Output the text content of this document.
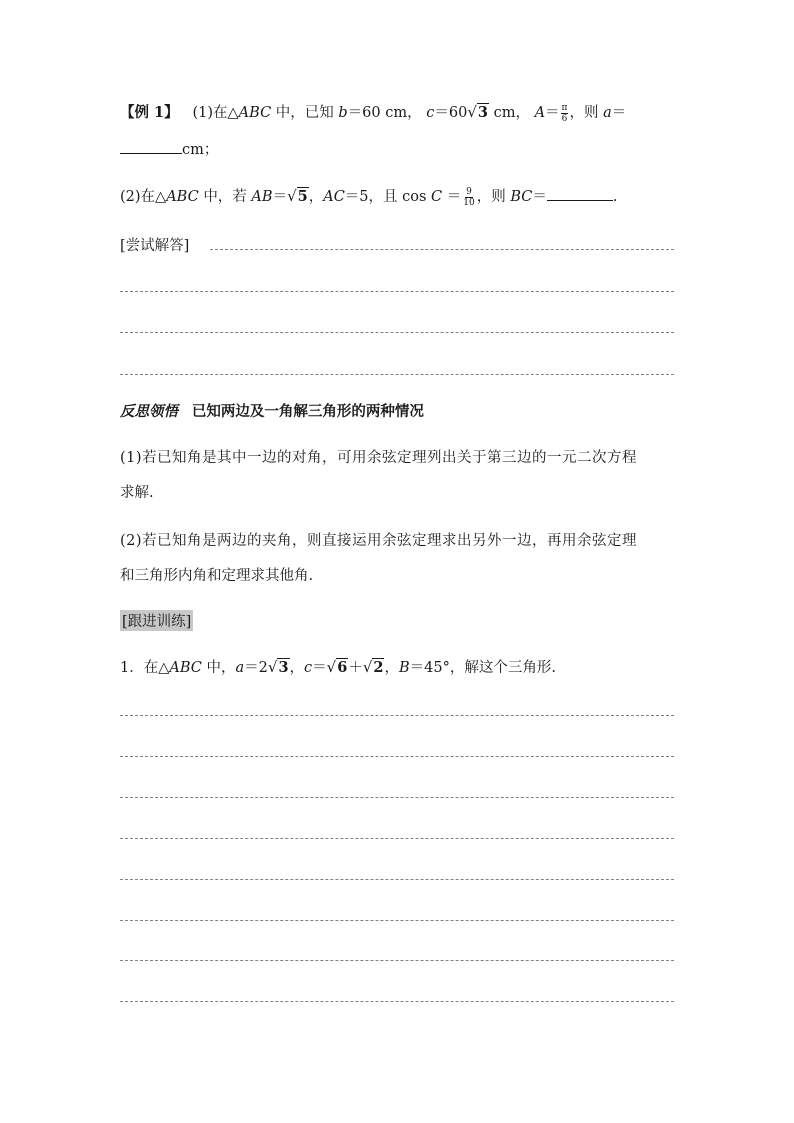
【例 1】 (1)在△ABC 中，已知 b＝60 cm， c＝60√3 cm， $A= \frac{\pi}{6}$ ，则 a＝
cm；
(2)在△ABC 中，若 AB＝√5，AC＝5，且 $\cos C = \frac{9}{10}$ ，则 BC＝	.
[尝试解答]
反思领悟 已知两边及一角解三角形的两种情况
(1)若已知角是其中一边的对角，可用余弦定理列出关于第三边的一元二次方程
求解.
(2)若已知角是两边的夹角，则直接运用余弦定理求出另外一边，再用余弦定理
和三角形内角和定理求其他角.
[跟进训练]
1．在△ABC 中，a＝2√3，c＝√6＋√2，B＝45°，解这个三角形.
